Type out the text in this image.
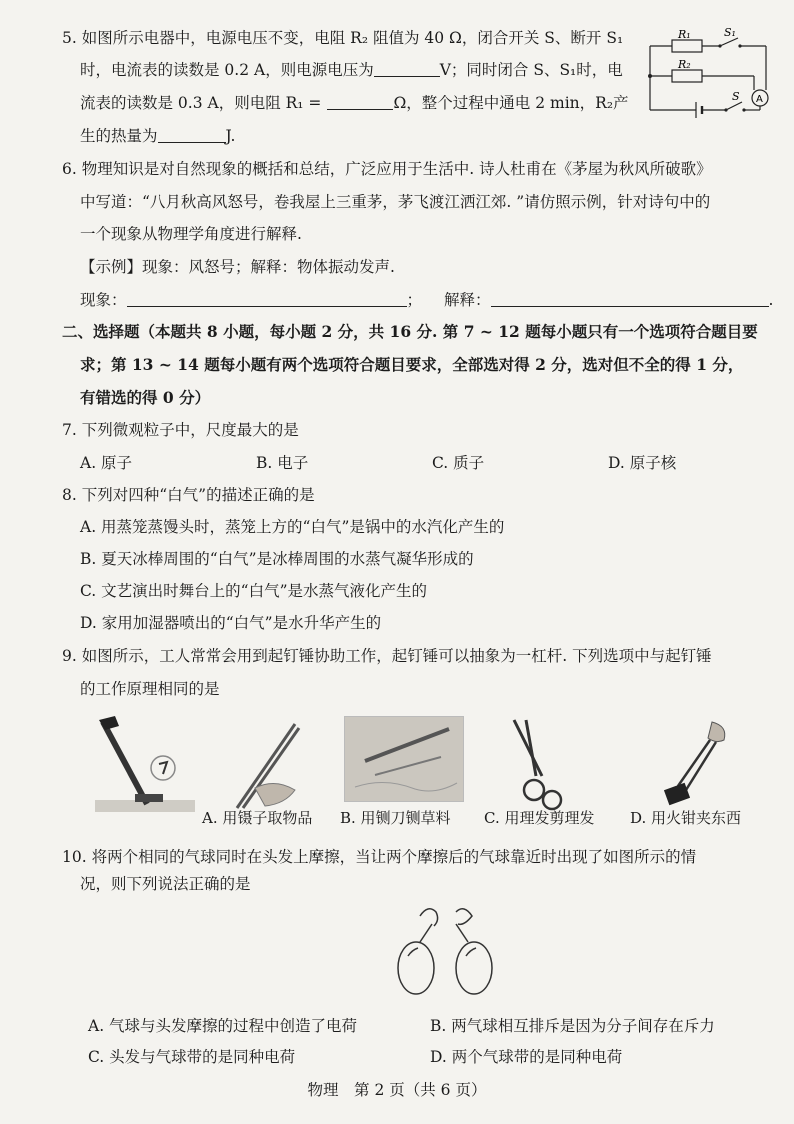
5. 如图所示电器中，电源电压不变，电阻 R₂ 阻值为 40 Ω，闭合开关 S、断开 S₁
时，电流表的读数是 0.2 A，则电源电压为	V；同时闭合 S、S₁时，电
流表的读数是 0.3 A，则电阻 R₁ =	Ω，整个过程中通电 2 min，R₂产
生的热量为	J.
S₁
R₁
R₂
S A
6. 物理知识是对自然现象的概括和总结，广泛应用于生活中. 诗人杜甫在《茅屋为秋风所破歌》
中写道：“八月秋高风怒号，卷我屋上三重茅，茅飞渡江洒江郊. ”请仿照示例，针对诗句中的
一个现象从物理学角度进行解释.
【示例】现象：风怒号；解释：物体振动发声.
现象：	； 解释：	.
二、选择题（本题共 8 小题，每小题 2 分，共 16 分. 第 7 ~ 12 题每小题只有一个选项符合题目要
求；第 13 ~ 14 题每小题有两个选项符合题目要求，全部选对得 2 分，选对但不全的得 1 分，
有错选的得 0 分）
7. 下列微观粒子中，尺度最大的是
A. 原子	B. 电子	C. 质子	D. 原子核
8. 下列对四种“白气”的描述正确的是
A. 用蒸笼蒸馒头时，蒸笼上方的“白气”是锅中的水汽化产生的
B. 夏天冰棒周围的“白气”是冰棒周围的水蒸气凝华形成的
C. 文艺演出时舞台上的“白气”是水蒸气液化产生的
D. 家用加湿器喷出的“白气”是水升华产生的
9. 如图所示，工人常常会用到起钉锤协助工作，起钉锤可以抽象为一杠杆. 下列选项中与起钉锤
的工作原理相同的是
A. 用镊子取物品 B. 用铡刀铡草料 C. 用理发剪理发 D. 用火钳夹东西
10. 将两个相同的气球同时在头发上摩擦，当让两个摩擦后的气球靠近时出现了如图所示的情
况，则下列说法正确的是
A. 气球与头发摩擦的过程中创造了电荷	B. 两气球相互排斥是因为分子间存在斥力
C. 头发与气球带的是同种电荷	D. 两个气球带的是同种电荷
物理　第 2 页（共 6 页）
